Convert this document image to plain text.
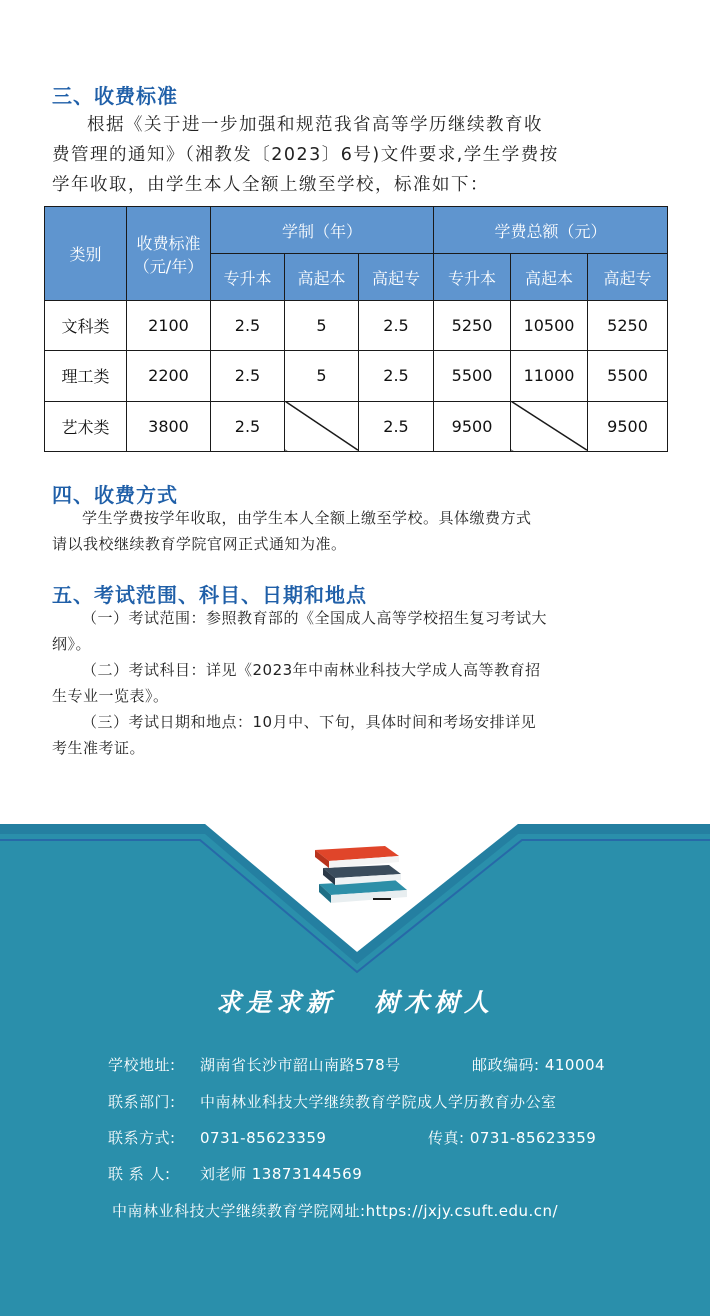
三、收费标准

根据《关于进一步加强和规范我省高等学历继续教育收
费管理的通知》（湘教发〔2023〕6号)文件要求,学生学费按
学年收取，由学生本人全额上缴至学校，标准如下：

类别	收费标准（元/年）	学制（年）			学费总额（元）		
		专升本	高起本	高起专	专升本	高起本	高起专
文科类	2100	2.5	5	2.5	5250	10500	5250
理工类	2200	2.5	5	2.5	5500	11000	5500
艺术类	3800	2.5		2.5	9500		9500
四、收费方式

学生学费按学年收取，由学生本人全额上缴至学校。具体缴费方式
请以我校继续教育学院官网正式通知为准。

五、考试范围、科目、日期和地点

（一）考试范围：参照教育部的《全国成人高等学校招生复习考试大
纲》。
（二）考试科目：详见《2023年中南林业科技大学成人高等教育招
生专业一览表》。
（三）考试日期和地点：10月中、下旬，具体时间和考场安排详见
考生准考证。

求是求新 树木树人

学校地址: 湖南省长沙市韶山南路578号	邮政编码: 410004
联系部门: 中南林业科技大学继续教育学院成人学历教育办公室
联系方式: 0731-85623359	传真: 0731-85623359
联 系 人: 刘老师 13873144569
中南林业科技大学继续教育学院网址:https://jxjy.csuft.edu.cn/
